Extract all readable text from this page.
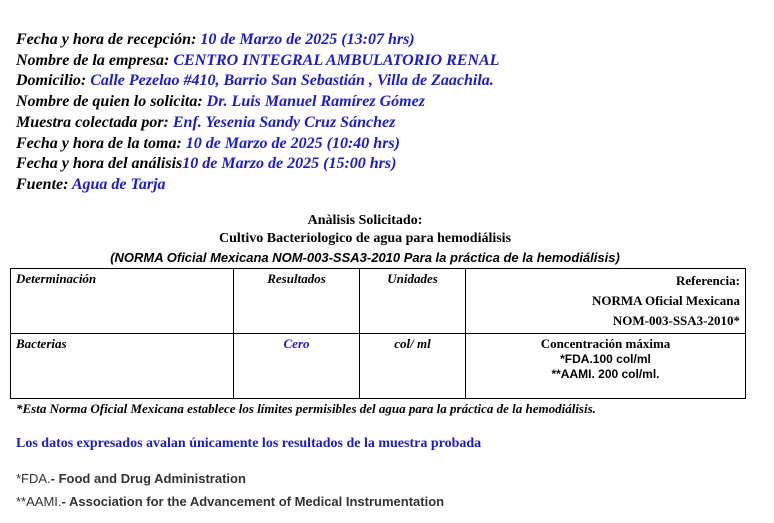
Fecha y hora de recepción: 10 de Marzo de 2025 (13:07 hrs)
Nombre de la empresa: CENTRO INTEGRAL AMBULATORIO RENAL
Domicilio: Calle Pezelao #410, Barrio San Sebastián , Villa de Zaachila.
Nombre de quien lo solicita: Dr. Luis Manuel Ramírez Gómez
Muestra colectada por: Enf. Yesenia Sandy Cruz Sánchez
Fecha y hora de la toma: 10 de Marzo de 2025 (10:40 hrs)
Fecha y hora del análisis10 de Marzo de 2025 (15:00 hrs)
Fuente: Agua de Tarja
Anàlisis Solicitado:
Cultivo Bacteriologico de agua para hemodiálisis
(NORMA Oficial Mexicana NOM-003-SSA3-2010 Para la práctica de la hemodiálisis)
Determinación	Resultados	Unidades	Referencia:
NORMA Oficial Mexicana
NOM-003-SSA3-2010*

Bacterias	Cero	col/ ml	Concentración máxima
*FDA.100 col/ml
**AAMI. 200 col/ml.
*Esta Norma Oficial Mexicana establece los límites permisibles del agua para la práctica de la hemodiálisis.
Los datos expresados avalan únicamente los resultados de la muestra probada
*FDA.- Food and Drug Administration
**AAMI.- Association for the Advancement of Medical Instrumentation
